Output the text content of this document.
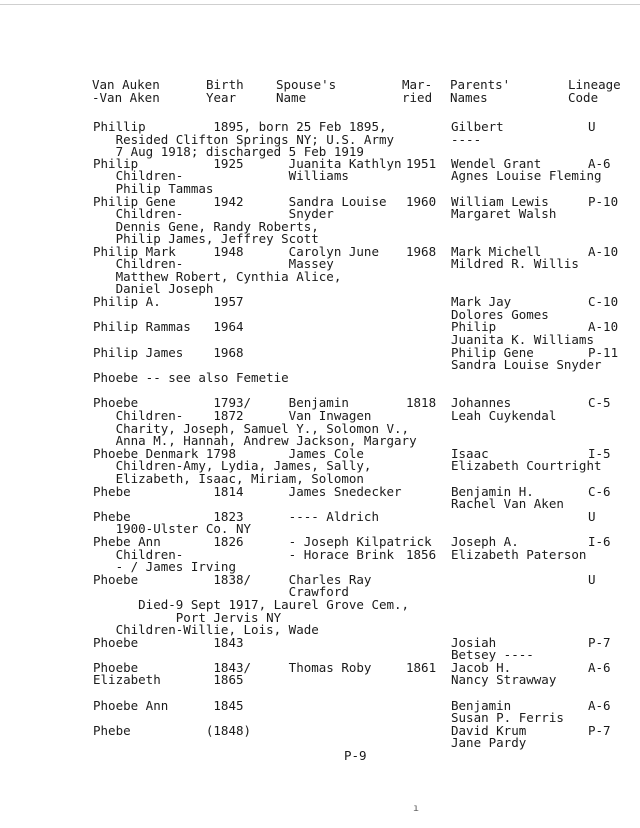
Van Auken
-Van Aken
Birth
Year
Spouse's
Name
Mar-
ried
Parents'
Names
Lineage
Code
Phillip         1895, born 25 Feb 1895,
Resided Clifton Springs NY; U.S. Army
7 Aug 1918; discharged 5 Feb 1919
Philip          1925      Juanita Kathlyn
Children-              Williams
Philip Tammas
Philip Gene     1942      Sandra Louise
Children-              Snyder
Dennis Gene, Randy Roberts,
Philip James, Jeffrey Scott
Philip Mark     1948      Carolyn June
Children-              Massey
Matthew Robert, Cynthia Alice,
Daniel Joseph
Philip A.       1957
Philip Rammas   1964
Philip James    1968
Phoebe -- see also Femetie
Phoebe          1793/     Benjamin
Children-    1872      Van Inwagen
Charity, Joseph, Samuel Y., Solomon V.,
Anna M., Hannah, Andrew Jackson, Margary
Phoebe Denmark 1798       James Cole
Children-Amy, Lydia, James, Sally,
Elizabeth, Isaac, Miriam, Solomon
Phebe           1814      James Snedecker
Phebe           1823      ---- Aldrich
1900-Ulster Co. NY
Phebe Ann       1826      - Joseph Kilpatrick
Children-              - Horace Brink
- / James Irving
Phoebe          1838/     Charles Ray
Crawford
Died-9 Sept 1917, Laurel Grove Cem.,
Port Jervis NY
Children-Willie, Lois, Wade
Phoebe          1843
Phoebe          1843/     Thomas Roby
Elizabeth       1865
Phoebe Ann      1845
Phebe          (1848)
1951
1960
1968
1818
1856
1861
Gilbert
----
Wendel Grant
Agnes Louise Fleming
William Lewis
Margaret Walsh
Mark Michell
Mildred R. Willis
Mark Jay
Dolores Gomes
Philip
Juanita K. Williams
Philip Gene
Sandra Louise Snyder
Johannes
Leah Cuykendal
Isaac
Elizabeth Courtright
Benjamin H.
Rachel Van Aken
Joseph A.
Elizabeth Paterson
Josiah
Betsey ----
Jacob H.
Nancy Strawway
Benjamin
Susan P. Ferris
David Krum
Jane Pardy
U
A-6
P-10
A-10
C-10
A-10
P-11
C-5
I-5
C-6
U
I-6
U
P-7
A-6
A-6
P-7
P-9
ı
